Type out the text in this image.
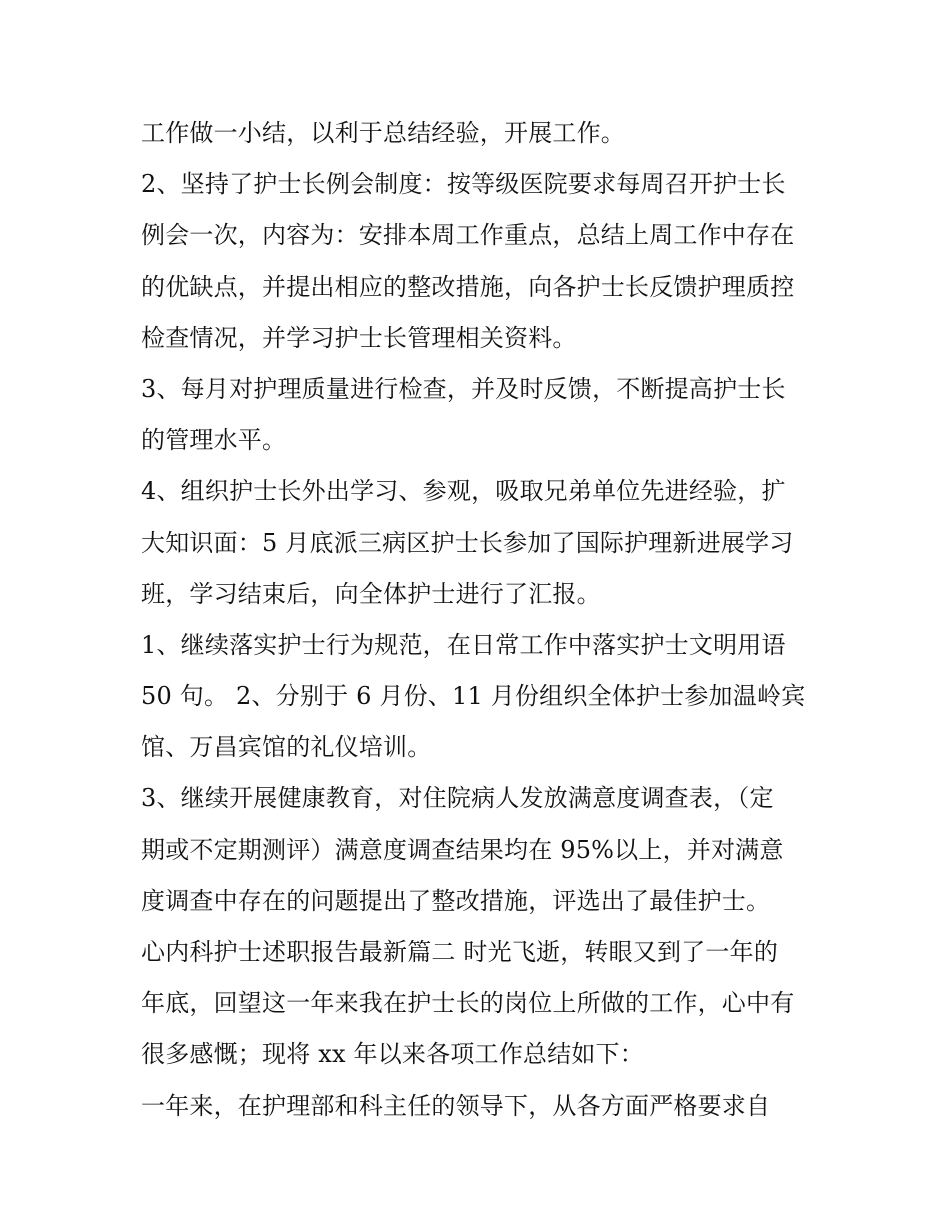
工作做一小结，以利于总结经验，开展工作。
2、坚持了护士长例会制度：按等级医院要求每周召开护士长
例会一次，内容为：安排本周工作重点，总结上周工作中存在
的优缺点，并提出相应的整改措施，向各护士长反馈护理质控
检查情况，并学习护士长管理相关资料。
3、每月对护理质量进行检查，并及时反馈，不断提高护士长
的管理水平。
4、组织护士长外出学习、参观，吸取兄弟单位先进经验，扩
大知识面：5 月底派三病区护士长参加了国际护理新进展学习
班，学习结束后，向全体护士进行了汇报。
1、继续落实护士行为规范，在日常工作中落实护士文明用语
50 句。 2、分别于 6 月份、11 月份组织全体护士参加温岭宾
馆、万昌宾馆的礼仪培训。
3、继续开展健康教育，对住院病人发放满意度调查表，（定
期或不定期测评）满意度调查结果均在 95%以上，并对满意
度调查中存在的问题提出了整改措施，评选出了最佳护士。
心内科护士述职报告最新篇二 时光飞逝，转眼又到了一年的
年底，回望这一年来我在护士长的岗位上所做的工作，心中有
很多感慨；现将 xx 年以来各项工作总结如下：
一年来，在护理部和科主任的领导下，从各方面严格要求自
